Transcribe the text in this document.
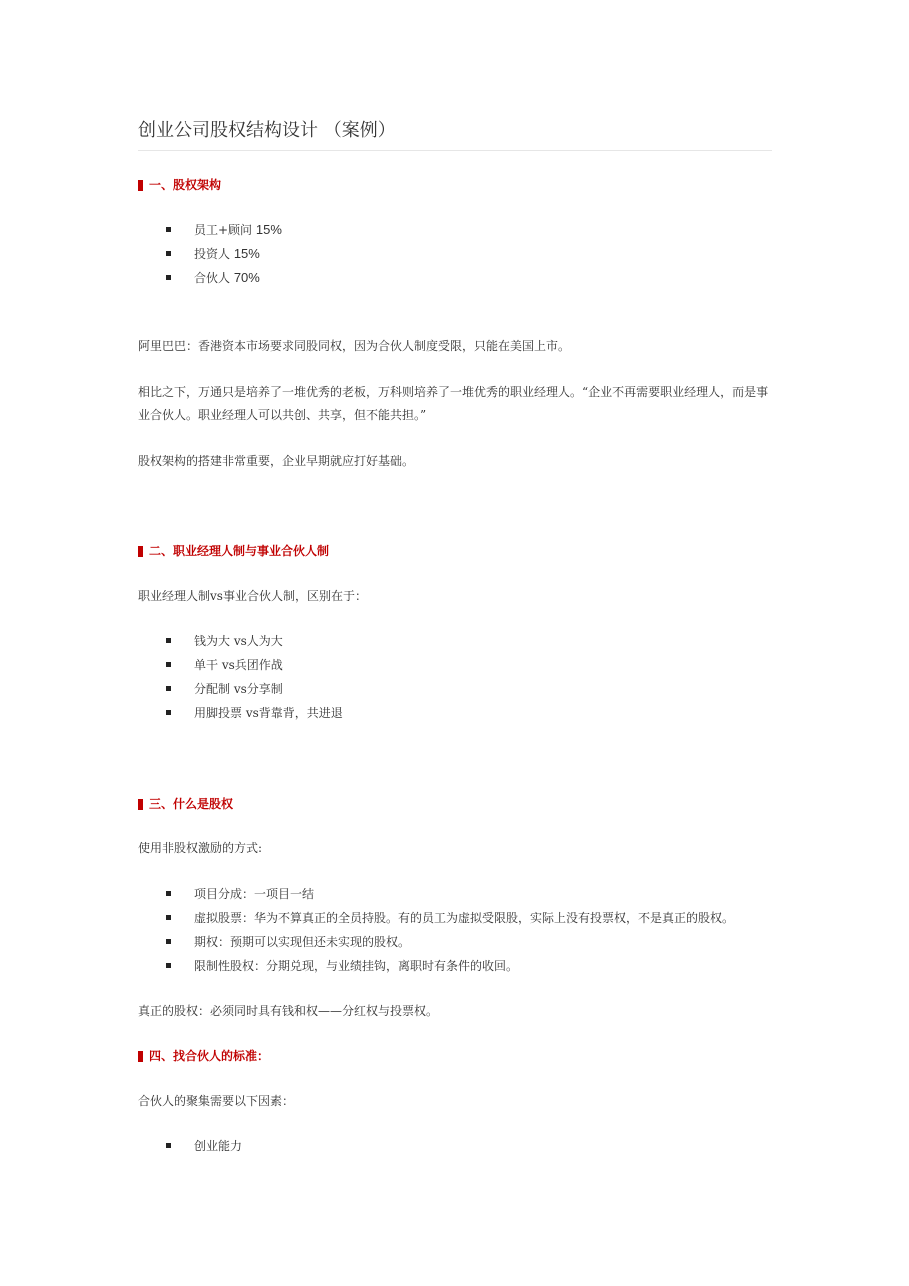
创业公司股权结构设计 （案例）
一、股权架构
员工+顾问 15%
投资人 15%
合伙人 70%
阿里巴巴：香港资本市场要求同股同权，因为合伙人制度受限，只能在美国上市。
相比之下，万通只是培养了一堆优秀的老板，万科则培养了一堆优秀的职业经理人。“企业不再需要职业经理人，而是事业合伙人。职业经理人可以共创、共享，但不能共担。”
股权架构的搭建非常重要，企业早期就应打好基础。
二、职业经理人制与事业合伙人制
职业经理人制vs事业合伙人制，区别在于：
钱为大 vs人为大
单干 vs兵团作战
分配制 vs分享制
用脚投票 vs背靠背，共进退
三、什么是股权
使用非股权激励的方式:
项目分成：一项目一结
虚拟股票：华为不算真正的全员持股。有的员工为虚拟受限股，实际上没有投票权，不是真正的股权。
期权：预期可以实现但还未实现的股权。
限制性股权：分期兑现，与业绩挂钩，离职时有条件的收回。
真正的股权：必须同时具有钱和权——分红权与投票权。
四、找合伙人的标准：
合伙人的聚集需要以下因素：
创业能力
